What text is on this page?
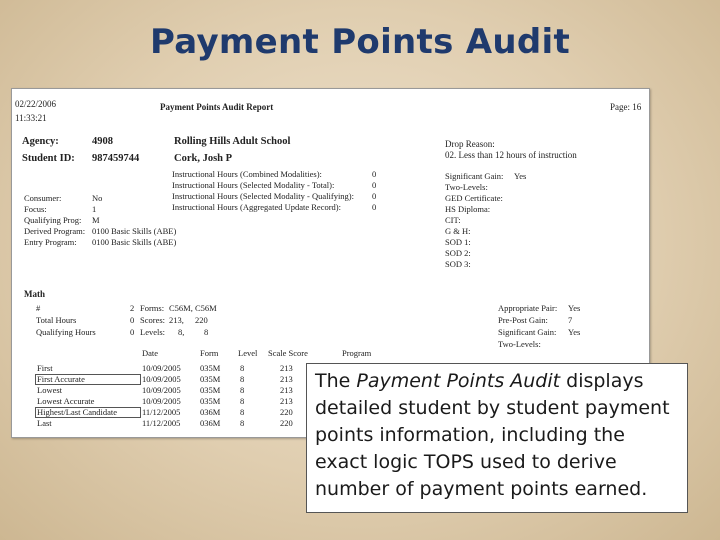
Payment Points Audit
02/22/2006
11:33:21
Payment Points Audit Report	Page: 16
Agency:	4908	Rolling Hills Adult School
Student ID: 987459744	Cork, Josh P
Drop Reason:
02. Less than 12 hours of instruction
Instructional Hours (Combined Modalities):	0
Instructional Hours (Selected Modality - Total):	0
Instructional Hours (Selected Modality - Qualifying): 0
Instructional Hours (Aggregated Update Record):	0
Consumer:	No
Focus:	1
Qualifying Prog: M
Derived Program: 0100 Basic Skills (ABE)
Entry Program: 0100 Basic Skills (ABE)
Significant Gain: Yes
Two-Levels:
GED Certificate:
HS Diploma:
CIT:
G & H:
SOD 1:
SOD 2:
SOD 3:
Math
#	2 Forms: C56M, C56M
Total Hours	0 Scores: 213, 220
Qualifying Hours	0 Levels: 8, 8
Appropriate Pair: Yes
Pre-Post Gain: 7
Significant Gain: Yes
Two-Levels:
Date	Form Level Scale Score	Program
First	10/09/2005 035M 8	213
First Accurate	10/09/2005 035M 8	213
Lowest	10/09/2005 035M 8	213
Lowest Accurate	10/09/2005 035M 8	213
Highest/Last Candidate	11/12/2005 036M 8	220
Last	11/12/2005 036M 8	220
The Payment Points Audit displays detailed student by student payment points information, including the exact logic TOPS used to derive number of payment points earned.
